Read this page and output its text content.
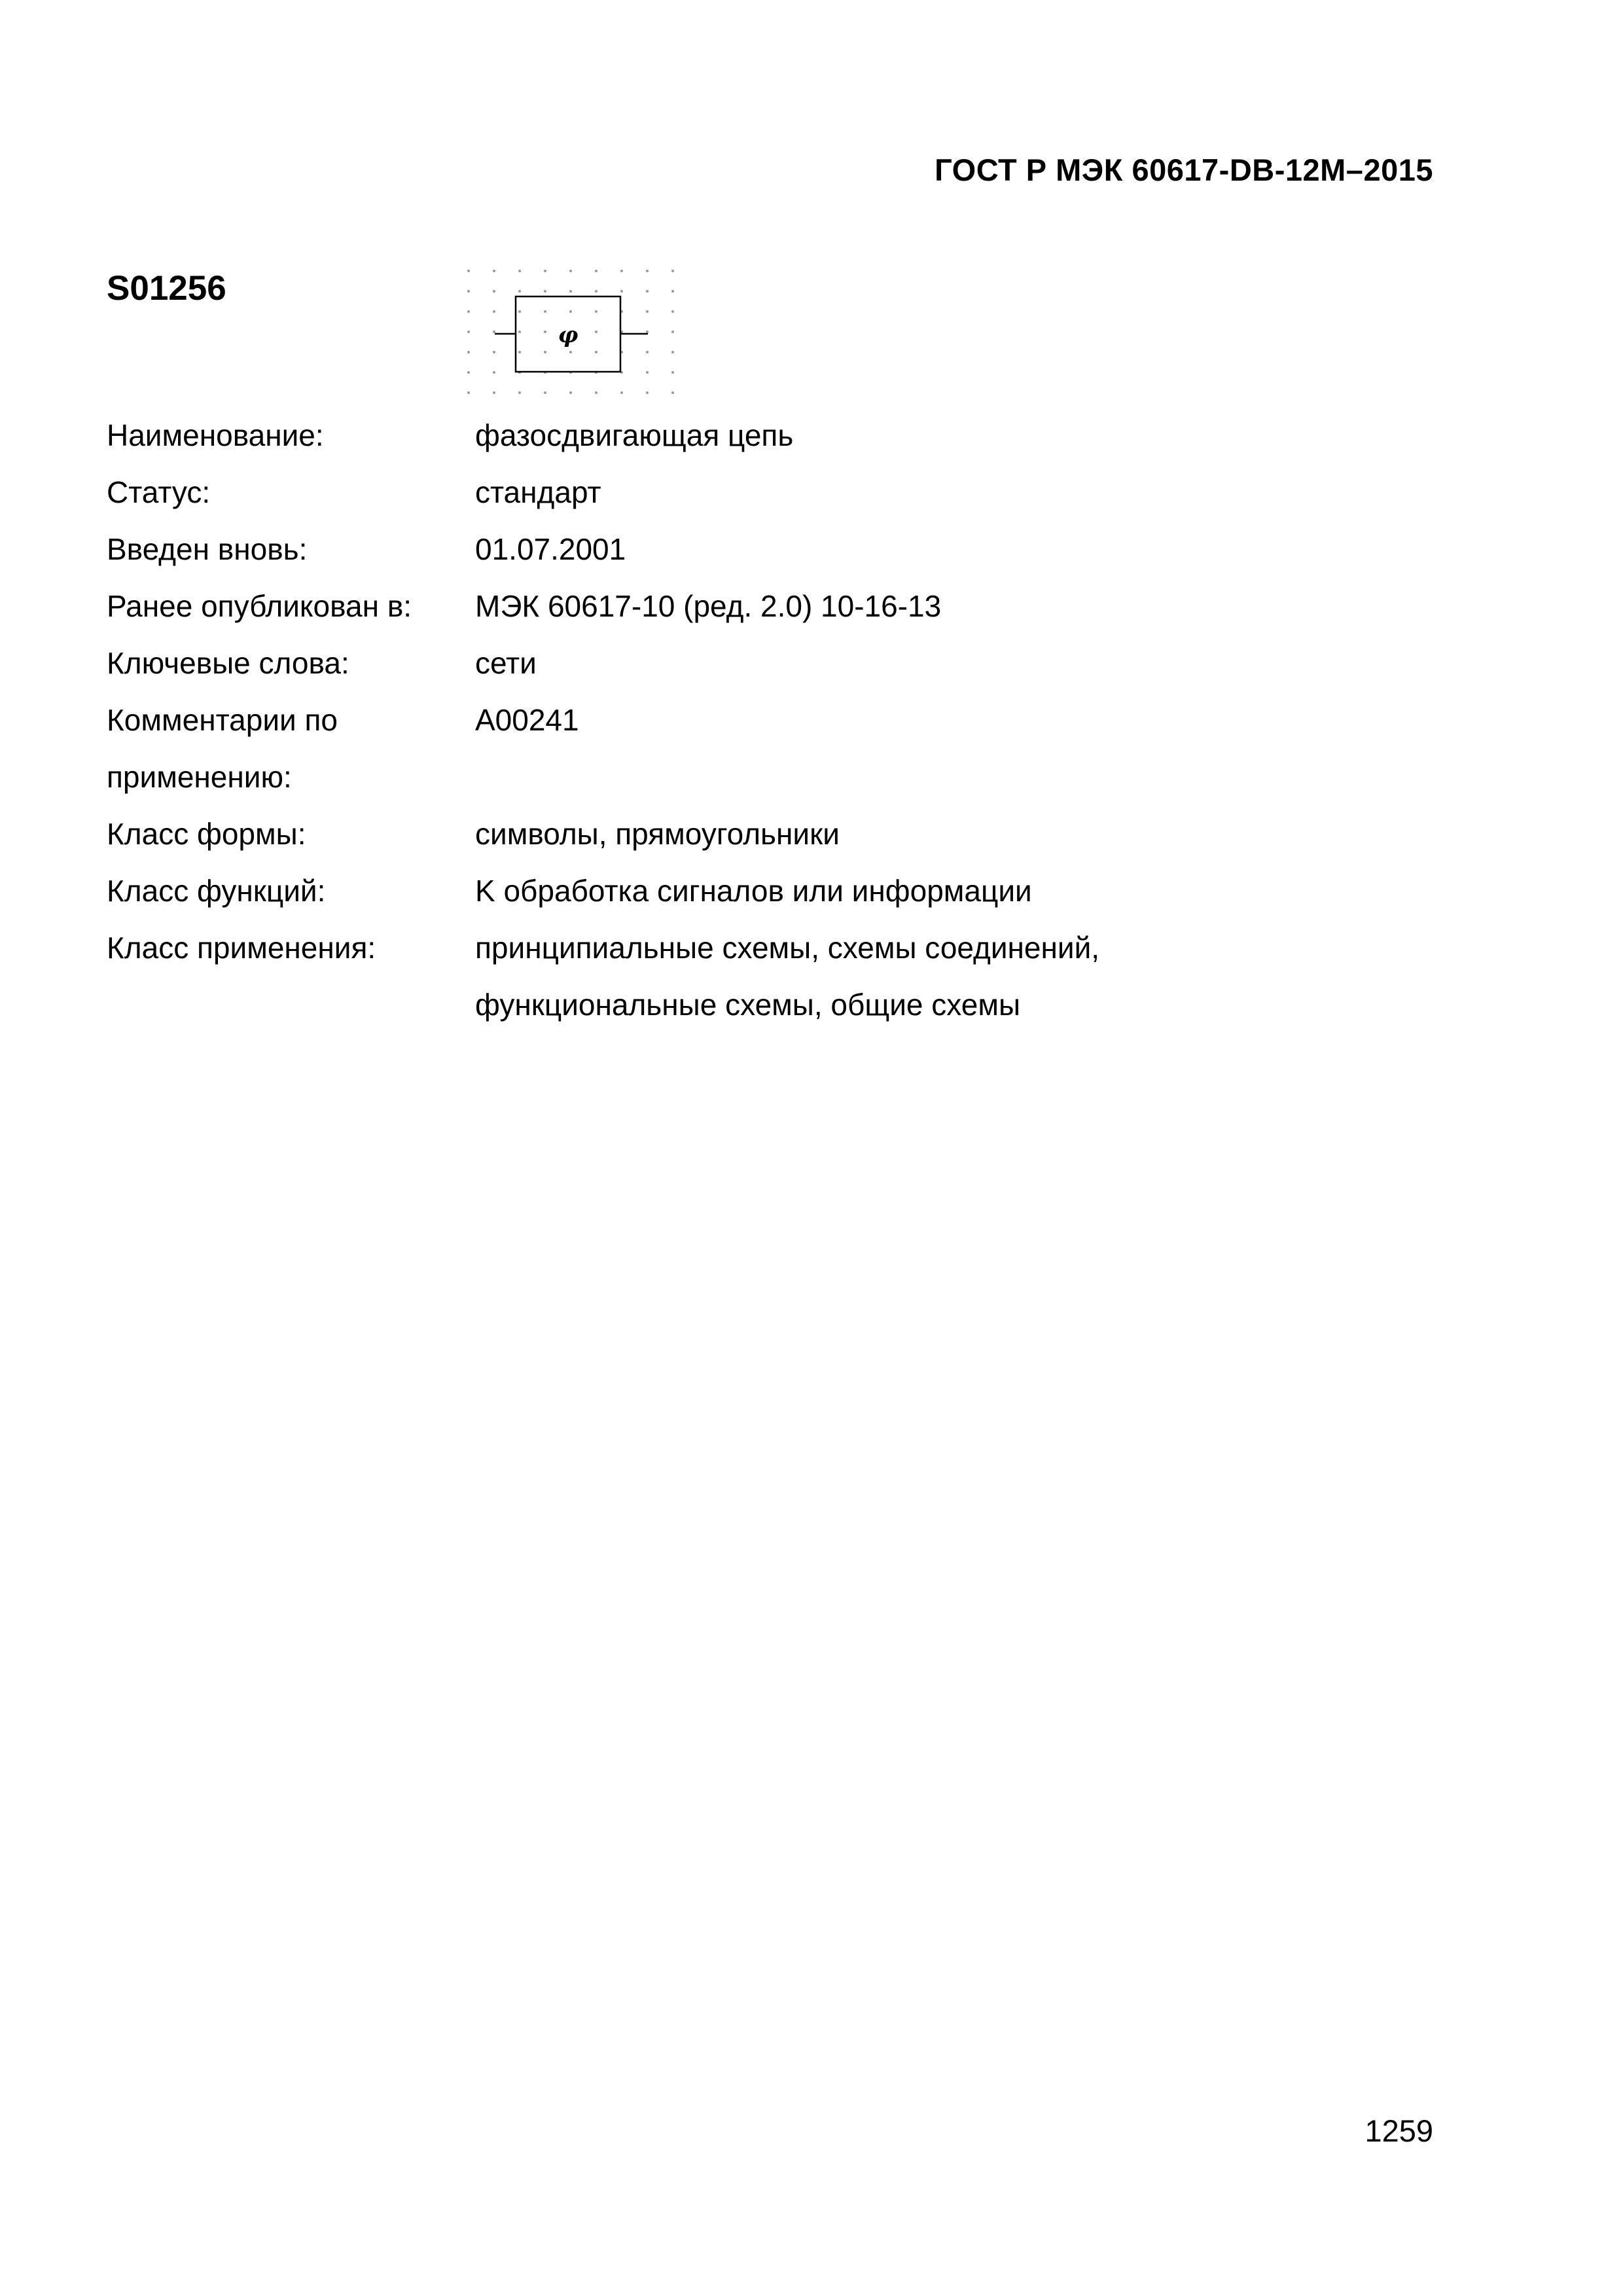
ГОСТ Р МЭК 60617-DB-12M–2015
S01256
φ
Наименование:	фазосдвигающая цепь
Статус:	стандарт
Введен вновь:	01.07.2001
Ранее опубликован в:	МЭК 60617-10 (ред. 2.0) 10-16-13
Ключевые слова:	сети
Комментарии по	A00241
применению:
Класс формы:	символы, прямоугольники
Класс функций:	K обработка сигналов или информации
Класс применения:	принципиальные схемы, схемы соединений,
функциональные схемы, общие схемы
1259
